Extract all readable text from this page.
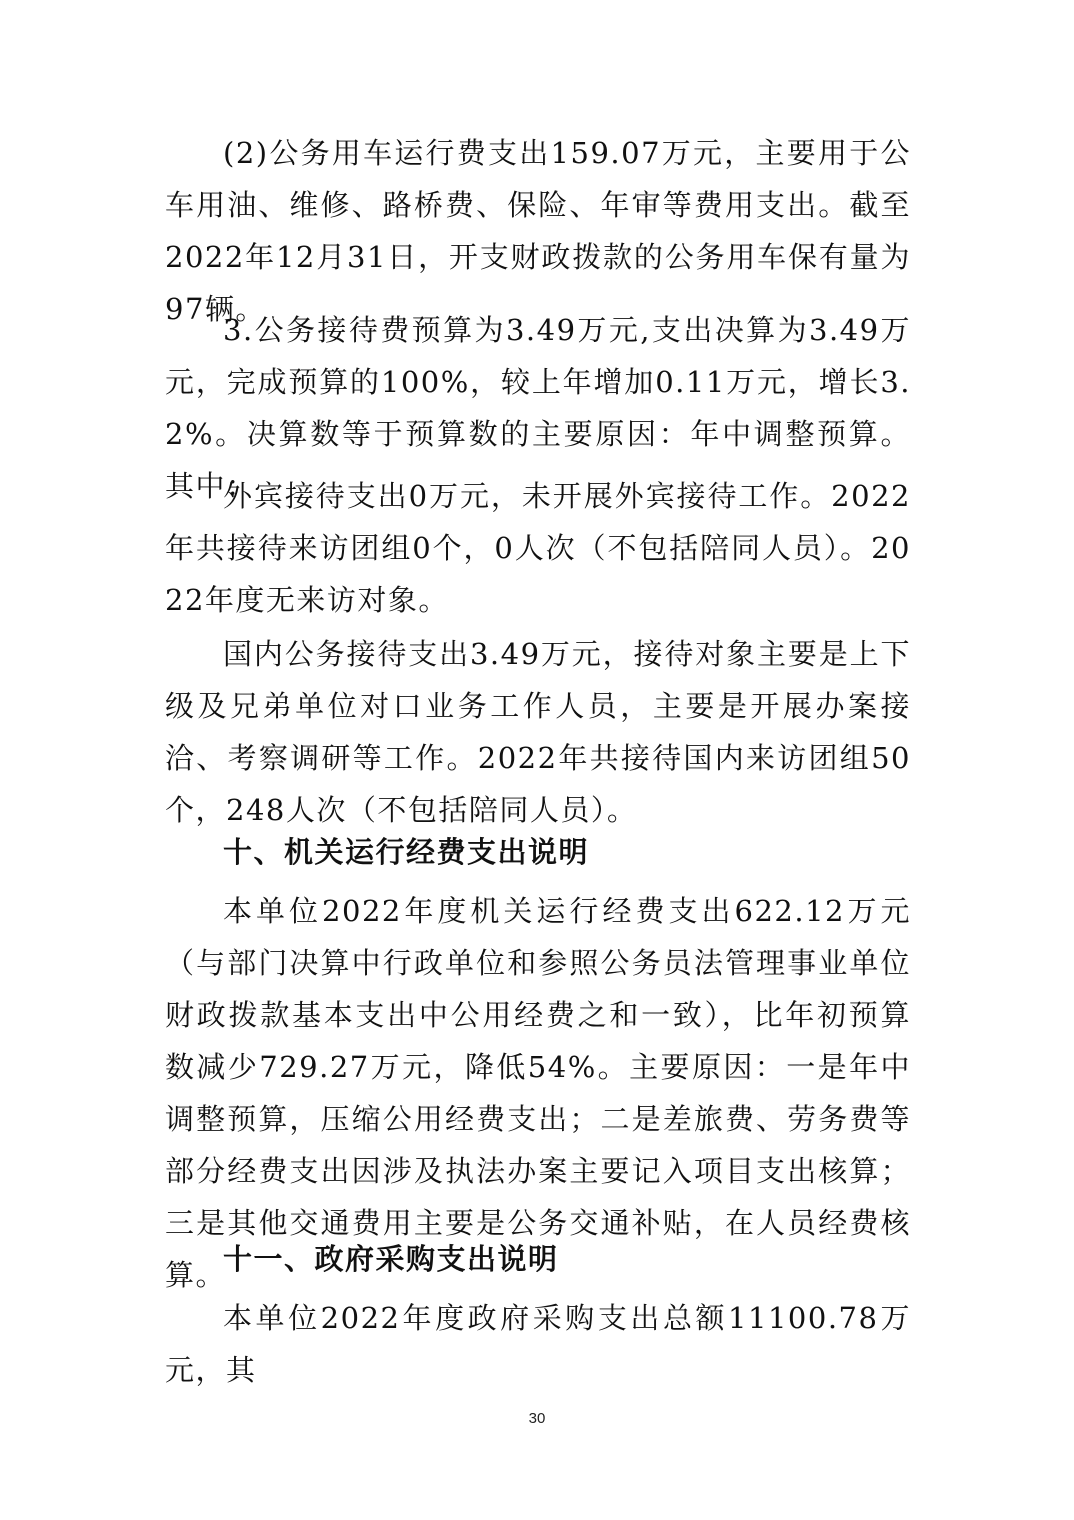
(2)公务用车运行费支出159.07万元，主要用于公车用油、维修、路桥费、保险、年审等费用支出。截至2022年12月31日，开支财政拨款的公务用车保有量为97辆。

3.公务接待费预算为3.49万元,支出决算为3.49万元，完成预算的100%，较上年增加0.11万元，增长3.2%。决算数等于预算数的主要原因：年中调整预算。其中：

外宾接待支出0万元，未开展外宾接待工作。2022年共接待来访团组0个，0人次（不包括陪同人员）。2022年度无来访对象。

国内公务接待支出3.49万元，接待对象主要是上下级及兄弟单位对口业务工作人员，主要是开展办案接洽、考察调研等工作。2022年共接待国内来访团组50个，248人次（不包括陪同人员）。

十、机关运行经费支出说明

本单位2022年度机关运行经费支出622.12万元（与部门决算中行政单位和参照公务员法管理事业单位财政拨款基本支出中公用经费之和一致），比年初预算数减少729.27万元，降低54%。主要原因：一是年中调整预算，压缩公用经费支出；二是差旅费、劳务费等部分经费支出因涉及执法办案主要记入项目支出核算；三是其他交通费用主要是公务交通补贴，在人员经费核算。

十一、政府采购支出说明

本单位2022年度政府采购支出总额11100.78万元，其

30
